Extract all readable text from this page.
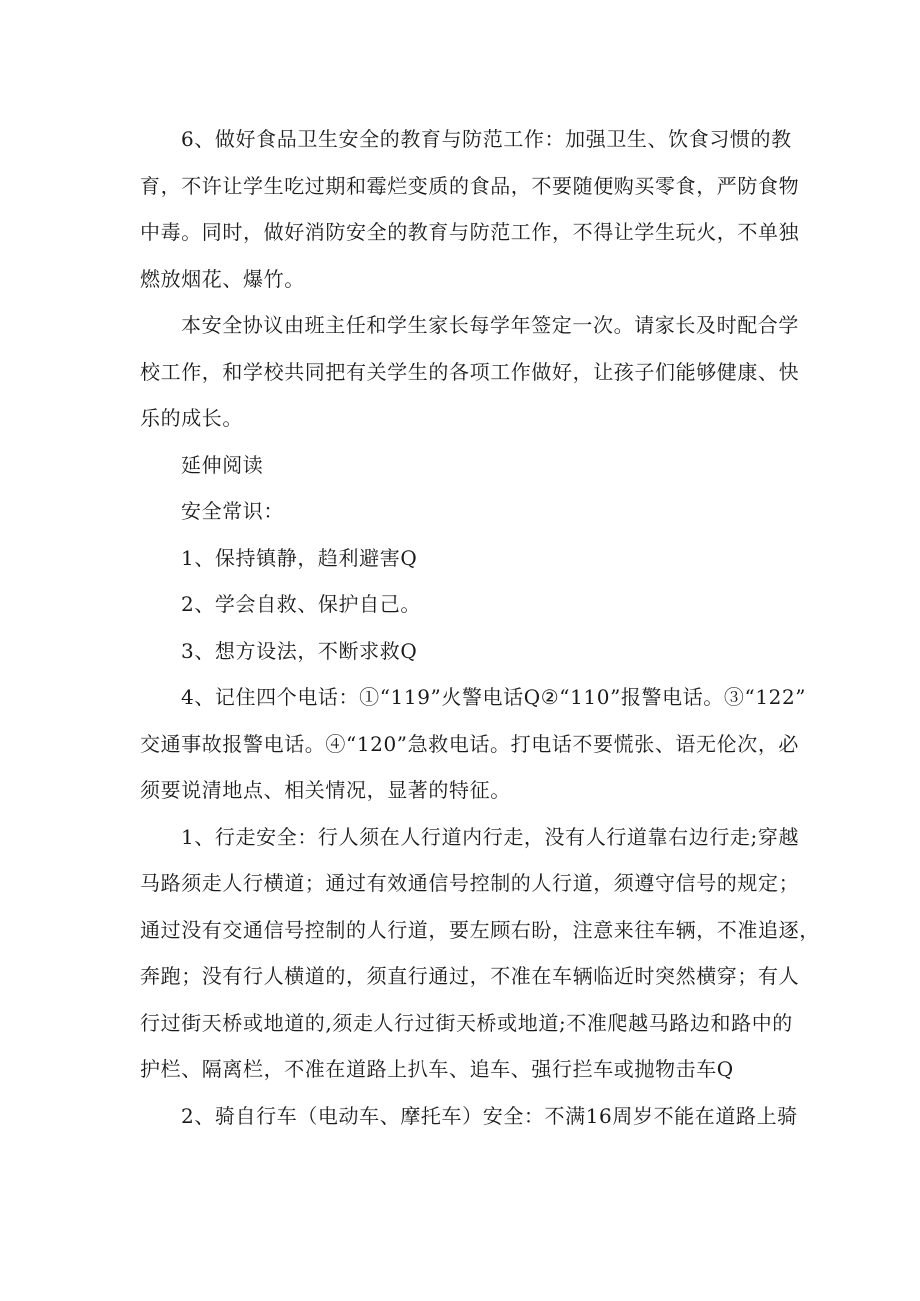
6、做好食品卫生安全的教育与防范工作：加强卫生、饮食习惯的教
育，不许让学生吃过期和霉烂变质的食品，不要随便购买零食，严防食物
中毒。同时，做好消防安全的教育与防范工作，不得让学生玩火，不单独
燃放烟花、爆竹。

本安全协议由班主任和学生家长每学年签定一次。请家长及时配合学
校工作，和学校共同把有关学生的各项工作做好，让孩子们能够健康、快
乐的成长。

延伸阅读

安全常识：

1、保持镇静，趋利避害Q

2、学会自救、保护自己。

3、想方设法，不断求救Q

4、记住四个电话：①“119”火警电话Q②“110”报警电话。③“122”
交通事故报警电话。④“120”急救电话。打电话不要慌张、语无伦次，必
须要说清地点、相关情况，显著的特征。

1、行走安全：行人须在人行道内行走，没有人行道靠右边行走;穿越
马路须走人行横道；通过有效通信号控制的人行道，须遵守信号的规定；
通过没有交通信号控制的人行道，要左顾右盼，注意来往车辆，不准追逐，
奔跑；没有行人横道的，须直行通过，不准在车辆临近时突然横穿；有人
行过街天桥或地道的,须走人行过街天桥或地道;不准爬越马路边和路中的
护栏、隔离栏，不准在道路上扒车、追车、强行拦车或抛物击车Q

2、骑自行车（电动车、摩托车）安全：不满16周岁不能在道路上骑
